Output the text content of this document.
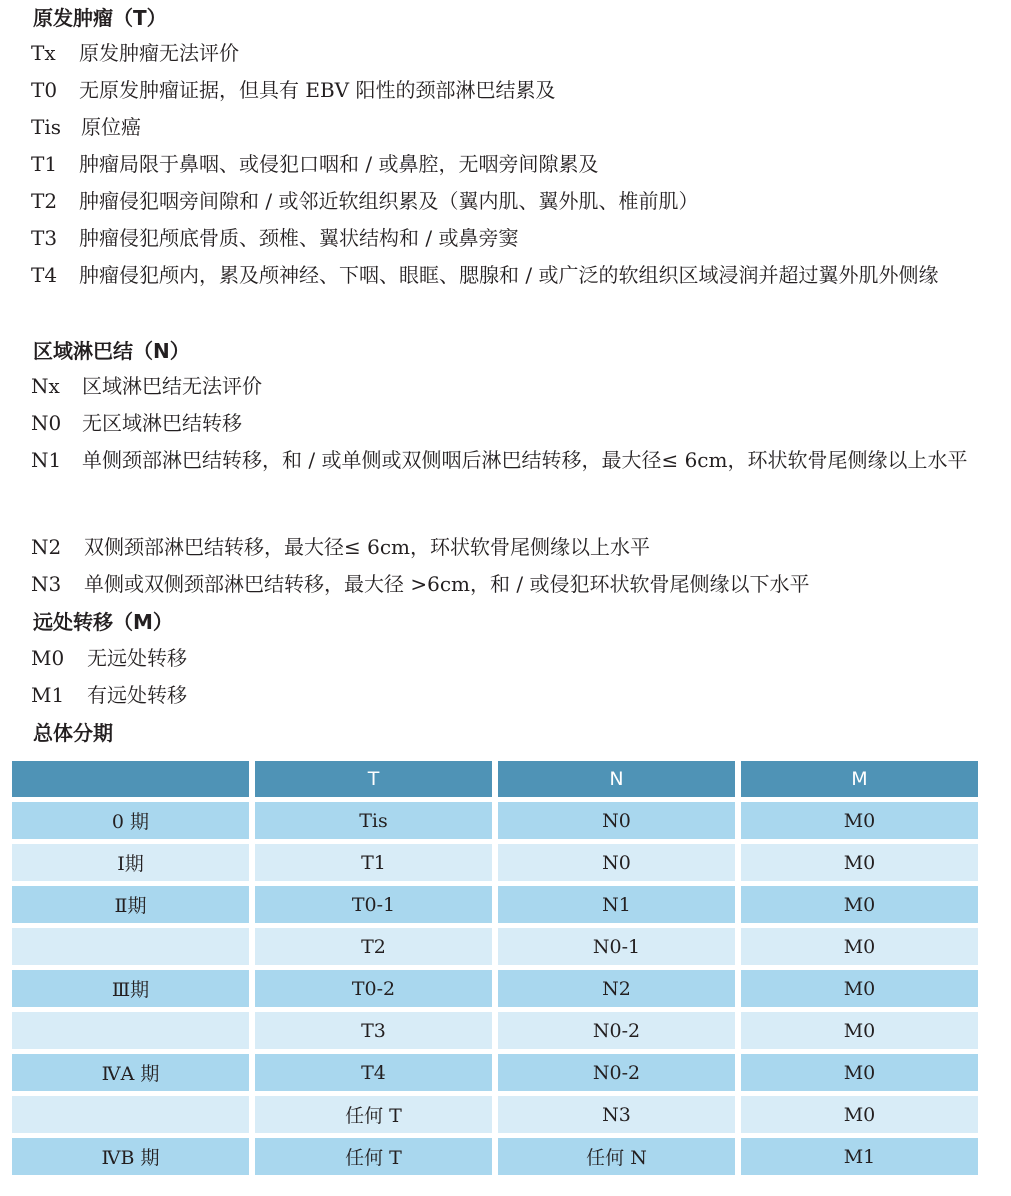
原发肿瘤（T）
Tx	原发肿瘤无法评价
T0	无原发肿瘤证据，但具有 EBV 阳性的颈部淋巴结累及
Tis	原位癌
T1	肿瘤局限于鼻咽、或侵犯口咽和 / 或鼻腔，无咽旁间隙累及
T2	肿瘤侵犯咽旁间隙和 / 或邻近软组织累及（翼内肌、翼外肌、椎前肌）
T3	肿瘤侵犯颅底骨质、颈椎、翼状结构和 / 或鼻旁窦
T4	肿瘤侵犯颅内，累及颅神经、下咽、眼眶、腮腺和 / 或广泛的软组织区域浸润并超过翼外肌外侧缘
区域淋巴结（N）
Nx	区域淋巴结无法评价
N0	无区域淋巴结转移
N1	单侧颈部淋巴结转移，和 / 或单侧或双侧咽后淋巴结转移，最大径≤ 6cm，环状软骨尾侧缘以上水平
N2	双侧颈部淋巴结转移，最大径≤ 6cm，环状软骨尾侧缘以上水平
N3	单侧或双侧颈部淋巴结转移，最大径 >6cm，和 / 或侵犯环状软骨尾侧缘以下水平
远处转移（M）
M0	无远处转移
M1	有远处转移
总体分期
	T	N	M
0 期	Tis	N0	M0
Ⅰ期	T1	N0	M0
Ⅱ期	T0-1	N1	M0
	T2	N0-1	M0
Ⅲ期	T0-2	N2	M0
	T3	N0-2	M0
ⅣA 期	T4	N0-2	M0
	任何 T	N3	M0
ⅣB 期	任何 T	任何 N	M1
